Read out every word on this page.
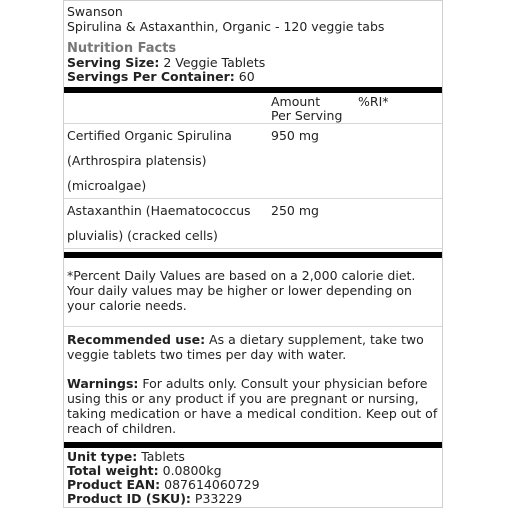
Swanson
Spirulina & Astaxanthin, Organic - 120 veggie tabs
Nutrition Facts
Serving Size: 2 Veggie Tablets
Servings Per Container: 60
Amount
Per Serving
%RI*
Certified Organic Spirulina
(Arthrospira platensis)
(microalgae)
950 mg
Astaxanthin (Haematococcus
pluvialis) (cracked cells)
250 mg
*Percent Daily Values are based on a 2,000 calorie diet. Your daily values may be higher or lower depending on your calorie needs.
Recommended use: As a dietary supplement, take two veggie tablets two times per day with water.
Warnings: For adults only. Consult your physician before using this or any product if you are pregnant or nursing, taking medication or have a medical condition. Keep out of reach of children.
Unit type: Tablets
Total weight: 0.0800kg
Product EAN: 087614060729
Product ID (SKU): P33229
